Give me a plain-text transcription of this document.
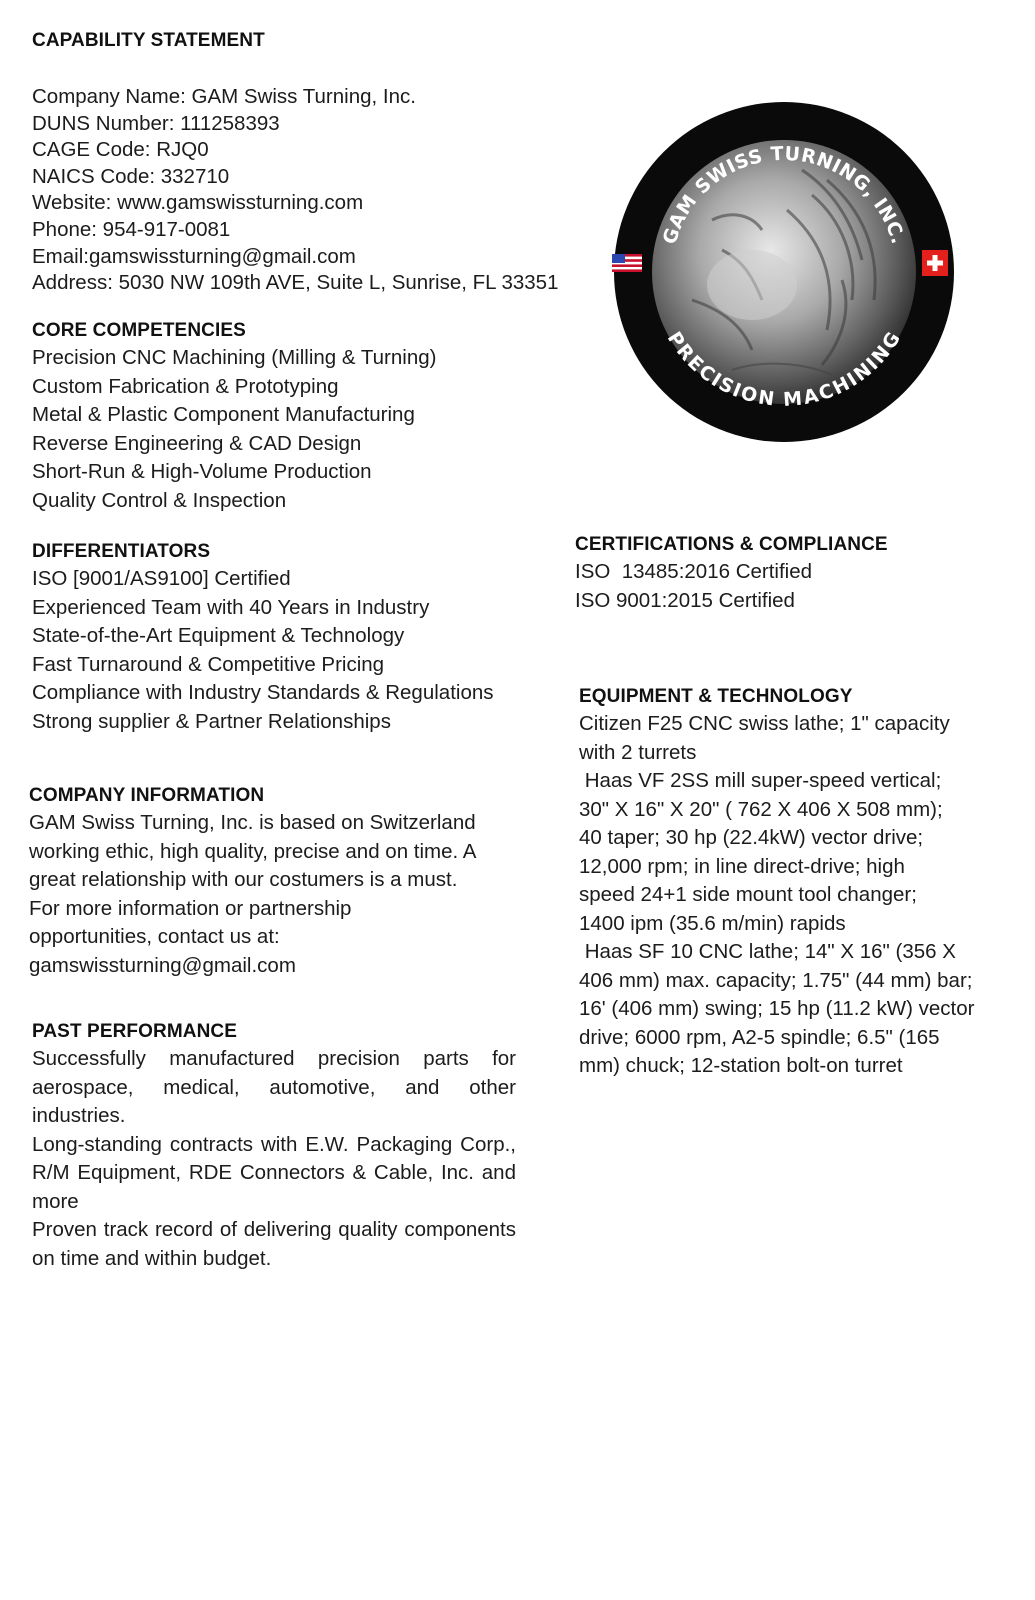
CAPABILITY STATEMENT
Company Name: GAM Swiss Turning, Inc.
DUNS Number: 111258393
CAGE Code: RJQ0
NAICS Code: 332710
Website: www.gamswissturning.com
Phone: 954-917-0081
Email:gamswissturning@gmail.com
Address: 5030 NW 109th AVE, Suite L, Sunrise, FL 33351
GAM SWISS TURNING, INC.
PRECISION MACHINING
CORE COMPETENCIES
Precision CNC Machining (Milling & Turning)
Custom Fabrication & Prototyping
Metal & Plastic Component Manufacturing
Reverse Engineering & CAD Design
Short-Run & High-Volume Production
Quality Control & Inspection
DIFFERENTIATORS
ISO [9001/AS9100] Certified
Experienced Team with 40 Years in Industry
State-of-the-Art Equipment & Technology
Fast Turnaround & Competitive Pricing
Compliance with Industry Standards & Regulations
Strong supplier & Partner Relationships
CERTIFICATIONS & COMPLIANCE
ISO  13485:2016 Certified
ISO 9001:2015 Certified
EQUIPMENT & TECHNOLOGY
Citizen F25 CNC swiss lathe; 1" capacity
with 2 turrets
Haas VF 2SS mill super-speed vertical;
30" X 16" X 20" ( 762 X 406 X 508 mm);
40 taper; 30 hp (22.4kW) vector drive;
12,000 rpm; in line direct-drive; high
speed 24+1 side mount tool changer;
1400 ipm (35.6 m/min) rapids
Haas SF 10 CNC lathe; 14" X 16" (356 X
406 mm) max. capacity; 1.75" (44 mm) bar;
16' (406 mm) swing; 15 hp (11.2 kW) vector
drive; 6000 rpm, A2-5 spindle; 6.5" (165
mm) chuck; 12-station bolt-on turret
COMPANY INFORMATION
GAM Swiss Turning, Inc. is based on Switzerland
working ethic, high quality, precise and on time. A
great relationship with our costumers is a must.
For more information or partnership
opportunities, contact us at:
gamswissturning@gmail.com
PAST PERFORMANCE
Successfully manufactured precision parts for aerospace, medical, automotive, and other industries.
Long-standing contracts with E.W. Packaging Corp., R/M Equipment, RDE Connectors & Cable, Inc. and more
Proven track record of delivering quality components on time and within budget.
